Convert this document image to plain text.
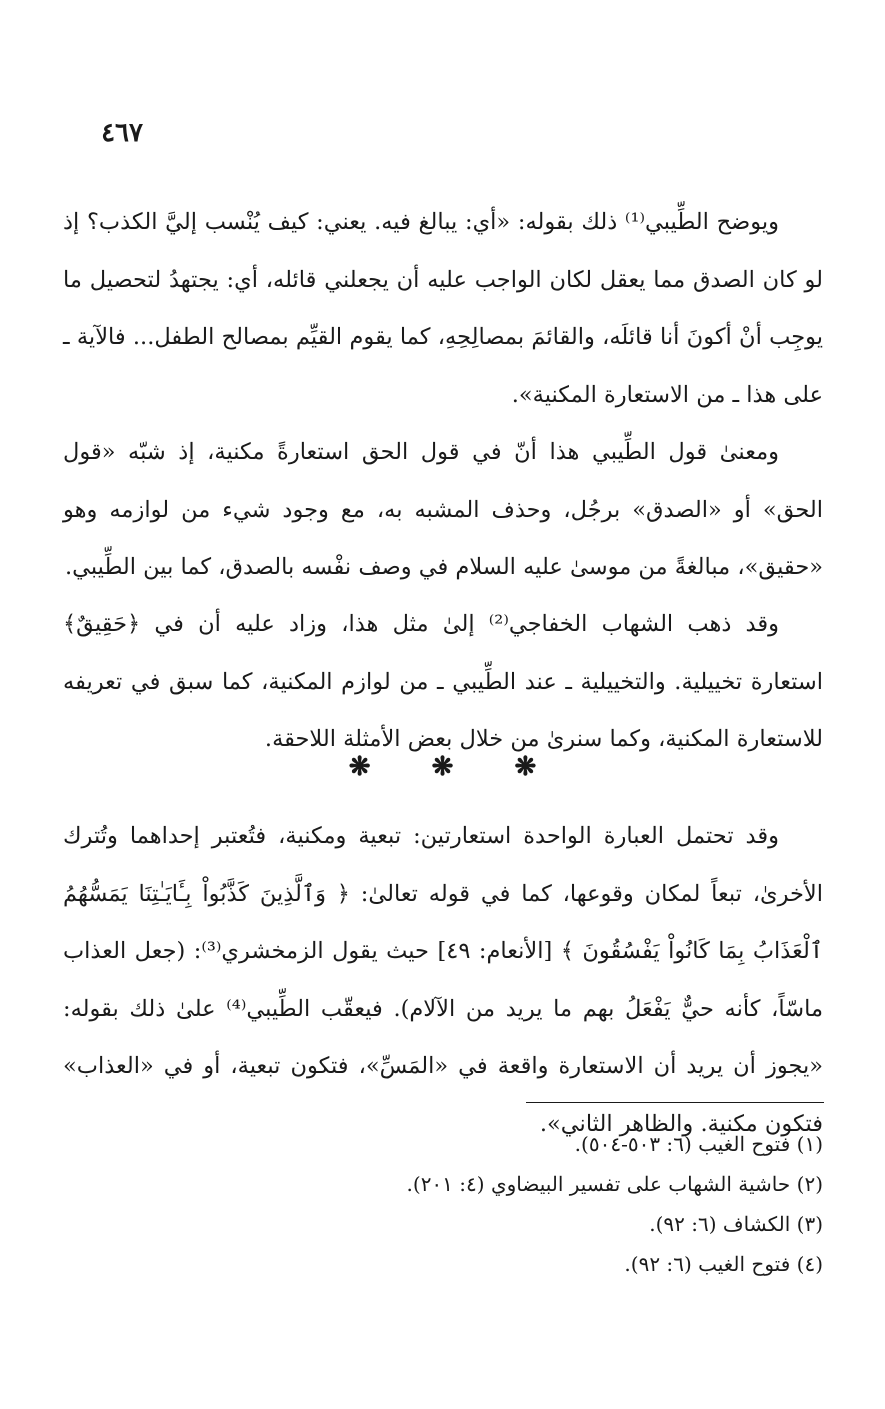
٤٦٧

ويوضح الطِّيبي⁽¹⁾ ذلك بقوله: «أي: يبالغ فيه. يعني: كيف يُنْسب إليَّ الكذب؟ إذ لو كان الصدق مما يعقل لكان الواجب عليه أن يجعلني قائله، أي: يجتهدُ لتحصيل ما يوجِب أنْ أكونَ أنا قائلَه، والقائمَ بمصالِحِهِ، كما يقوم القيِّم بمصالح الطفل... فالآية ـ على هذا ـ من الاستعارة المكنية».

ومعنىٰ قول الطِّيبي هذا أنّ في قول الحق استعارةً مكنية، إذ شبّه «قول الحق» أو «الصدق» برجُل، وحذف المشبه به، مع وجود شيء من لوازمه وهو «حقيق»، مبالغةً من موسىٰ عليه السلام في وصف نفْسه بالصدق، كما بين الطِّيبي.

وقد ذهب الشهاب الخفاجي⁽²⁾ إلىٰ مثل هذا، وزاد عليه أن في ﴿حَقِيقٌ﴾ استعارة تخييلية. والتخييلية ـ عند الطِّيبي ـ من لوازم المكنية، كما سبق في تعريفه للاستعارة المكنية، وكما سنرىٰ من خلال بعض الأمثلة اللاحقة.

❋ ❋ ❋

وقد تحتمل العبارة الواحدة استعارتين: تبعية ومكنية، فتُعتبر إحداهما وتُترك الأخرىٰ، تبعاً لمكان وقوعها، كما في قوله تعالىٰ: ﴿ وَٱلَّذِينَ كَذَّبُواْ بِـَٔايَـٰتِنَا يَمَسُّهُمُ ٱلْعَذَابُ بِمَا كَانُواْ يَفْسُقُونَ ﴾ [الأنعام: ٤٩] حيث يقول الزمخشري⁽³⁾: (جعل العذاب ماسّاً، كأنه حيٌّ يَفْعَلُ بهم ما يريد من الآلام). فيعقّب الطِّيبي⁽⁴⁾ علىٰ ذلك بقوله: «يجوز أن يريد أن الاستعارة واقعة في «المَسِّ»، فتكون تبعية، أو في «العذاب» فتكون مكنية. والظاهر الثاني».

(١) فتوح الغيب (٦: ٥٠٣-٥٠٤).

(٢) حاشية الشهاب على تفسير البيضاوي (٤: ٢٠١).

(٣) الكشاف (٦: ٩٢).

(٤) فتوح الغيب (٦: ٩٢).
